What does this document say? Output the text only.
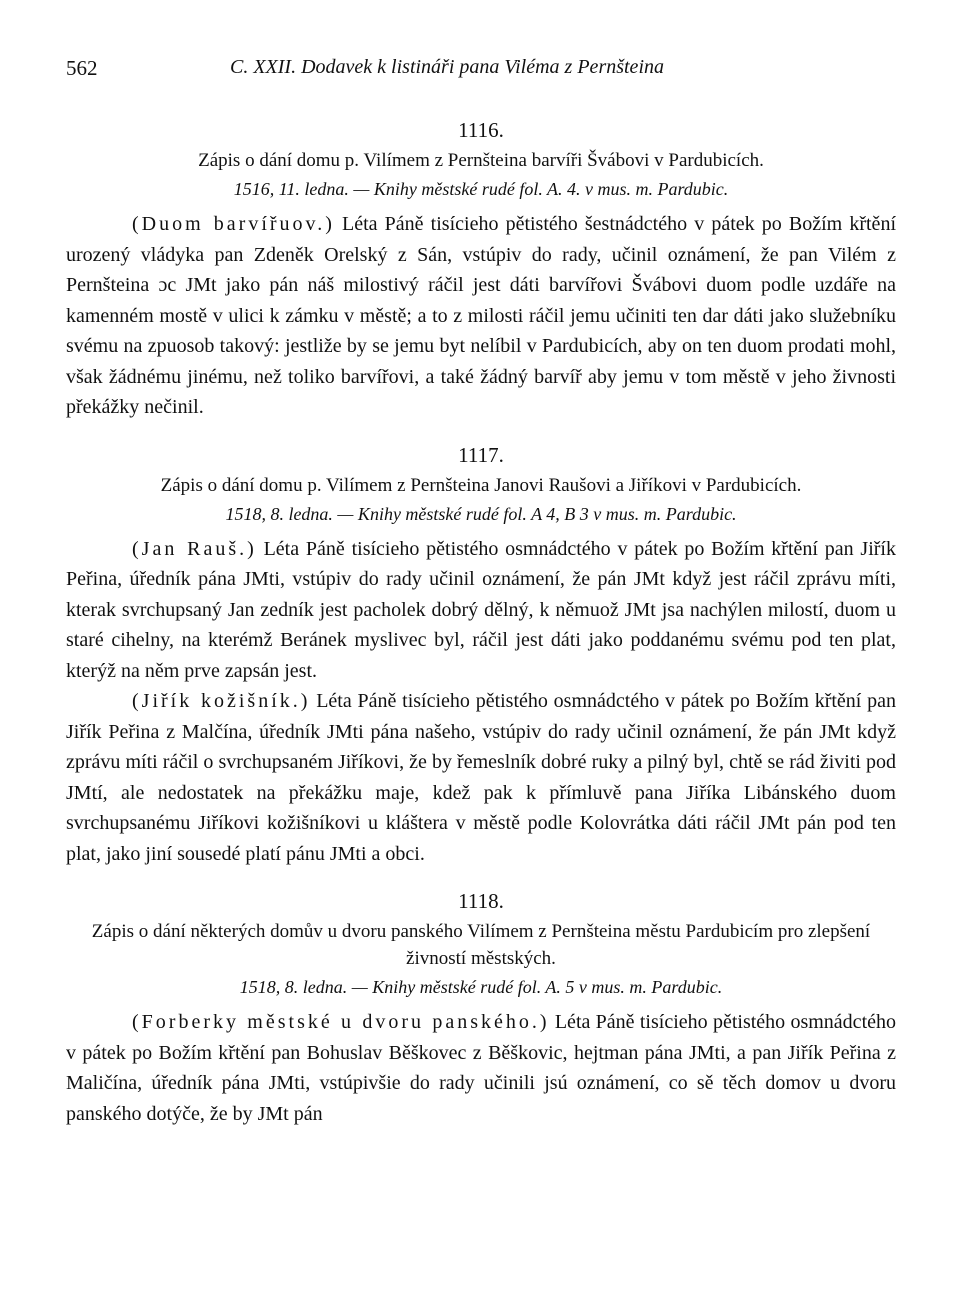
562	C. XXII. Dodavek k listináři pana Viléma z Pernšteina
1116.
Zápis o dání domu p. Vilímem z Pernšteina barvíři Švábovi v Pardubicích.
1516, 11. ledna. — Knihy městské rudé fol. A. 4. v mus. m. Pardubic.

(Duom barvířuov.) Léta Páně tisícieho pětistého šestnádctého v pátek po Božím křtění urozený vládyka pan Zdeněk Orelský z Sán, vstúpiv do rady, učinil oznámení, že pan Vilém z Pernšteina ɔc JMt jako pán náš milostivý ráčil jest dáti barvířovi Švábovi duom podle uzdáře na kamenném mostě v ulici k zámku v městě; a to z milosti ráčil jemu učiniti ten dar dáti jako služebníku svému na zpuosob takový: jestliže by se jemu byt nelíbil v Pardubicích, aby on ten duom prodati mohl, však žádnému jinému, než toliko barvířovi, a také žádný barvíř aby jemu v tom městě v jeho živnosti překážky nečinil.

1117.
Zápis o dání domu p. Vilímem z Pernšteina Janovi Raušovi a Jiříkovi v Pardubicích.
1518, 8. ledna. — Knihy městské rudé fol. A 4, B 3 v mus. m. Pardubic.

(Jan Rauš.) Léta Páně tisícieho pětistého osmnádctého v pátek po Božím křtění pan Jiřík Peřina, úředník pána JMti, vstúpiv do rady učinil oznámení, že pán JMt když jest ráčil zprávu míti, kterak svrchupsaný Jan zedník jest pacholek dobrý dělný, k němuož JMt jsa nachýlen milostí, duom u staré cihelny, na kterémž Beránek myslivec byl, ráčil jest dáti jako poddanému svému pod ten plat, kterýž na něm prve zapsán jest.

(Jiřík kožišník.) Léta Páně tisícieho pětistého osmnádctého v pátek po Božím křtění pan Jiřík Peřina z Malčína, úředník JMti pána našeho, vstúpiv do rady učinil oznámení, že pán JMt když zprávu míti ráčil o svrchupsaném Jiříkovi, že by řemeslník dobré ruky a pilný byl, chtě se rád živiti pod JMtí, ale nedostatek na překážku maje, kdež pak k přímluvě pana Jiříka Libánského duom svrchupsanému Jiříkovi kožišníkovi u kláštera v městě podle Kolovrátka dáti ráčil JMt pán pod ten plat, jako jiní sousedé platí pánu JMti a obci.

1118.
Zápis o dání některých domův u dvoru panského Vilímem z Pernšteina městu Pardubicím pro zlepšení živností městských.
1518, 8. ledna. — Knihy městské rudé fol. A. 5 v mus. m. Pardubic.

(Forberky městské u dvoru panského.) Léta Páně tisícieho pětistého osmnádctého v pátek po Božím křtění pan Bohuslav Běškovec z Běškovic, hejtman pána JMti, a pan Jiřík Peřina z Maličína, úředník pána JMti, vstúpivšie do rady učinili jsú oznámení, co sě těch domov u dvoru panského dotýče, že by JMt pán
